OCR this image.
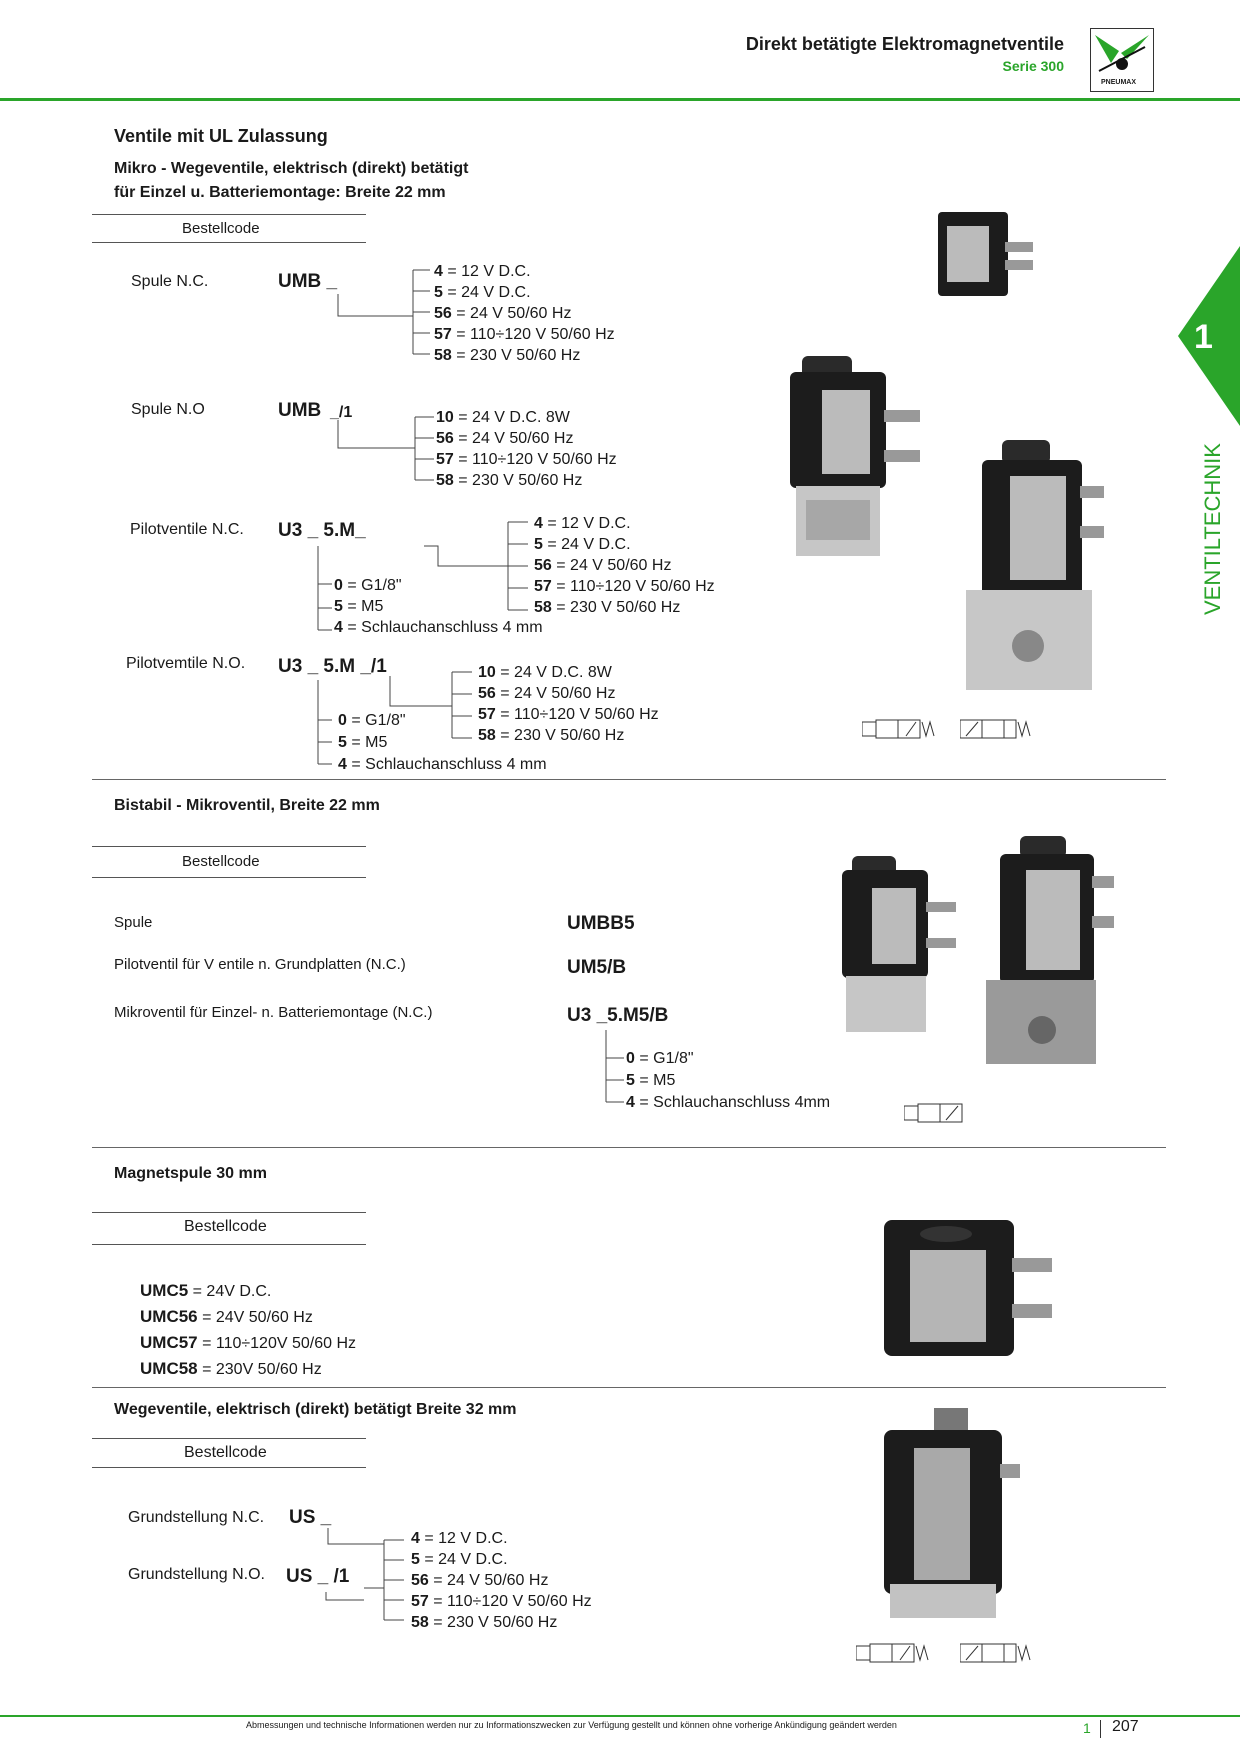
Direkt betätigte Elektromagnetventile
Serie 300
PNEUMAX
1
VENTILTECHNIK
Ventile mit UL Zulassung
Mikro - Wegeventile, elektrisch (direkt) betätigt
für Einzel u. Batteriemontage: Breite 22 mm
Bestellcode
Spule N.C.	UMB _	4 = 12 V D.C.
5 = 24 V D.C.
56 = 24 V 50/60 Hz
57 = 110÷120 V 50/60 Hz
58 = 230 V 50/60 Hz
Spule N.O	UMB _/1	10 = 24 V D.C. 8W
56 = 24 V 50/60 Hz
57 = 110÷120 V 50/60 Hz
58 = 230 V 50/60 Hz
Pilotventile N.C. U3 _ 5.M_	4 = 12 V D.C.
5 = 24 V D.C.
56 = 24 V 50/60 Hz
57 = 110÷120 V 50/60 Hz
58 = 230 V 50/60 Hz
0 = G1/8"
5 = M5
4 = Schlauchanschluss 4 mm
Pilotvemtile N.O. U3 _ 5.M _/1	10 = 24 V D.C. 8W
56 = 24 V 50/60 Hz
57 = 110÷120 V 50/60 Hz
58 = 230 V 50/60 Hz
0 = G1/8"
5 = M5
4 = Schlauchanschluss 4 mm
Bistabil - Mikroventil, Breite 22 mm
Bestellcode
Spule	UMBB5
Pilotventil für V entile n. Grundplatten (N.C.)	UM5/B
Mikroventil für Einzel- n. Batteriemontage (N.C.)	U3 _5.M5/B
0 = G1/8"
5 = M5
4 = Schlauchanschluss 4mm
Magnetspule 30 mm
Bestellcode
UMC5 = 24V D.C.
UMC56 = 24V 50/60 Hz
UMC57 = 110÷120V 50/60 Hz
UMC58 = 230V 50/60 Hz
Wegeventile, elektrisch (direkt) betätigt Breite 32 mm
Bestellcode
Grundstellung N.C. US _
Grundstellung N.O. US _ /1
4 = 12 V D.C.
5 = 24 V D.C.
56 = 24 V 50/60 Hz
57 = 110÷120 V 50/60 Hz
58 = 230 V 50/60 Hz
Abmessungen und technische Informationen werden nur zu Informationszwecken zur Verfügung gestellt und können ohne vorherige Ankündigung geändert werden	1 207
